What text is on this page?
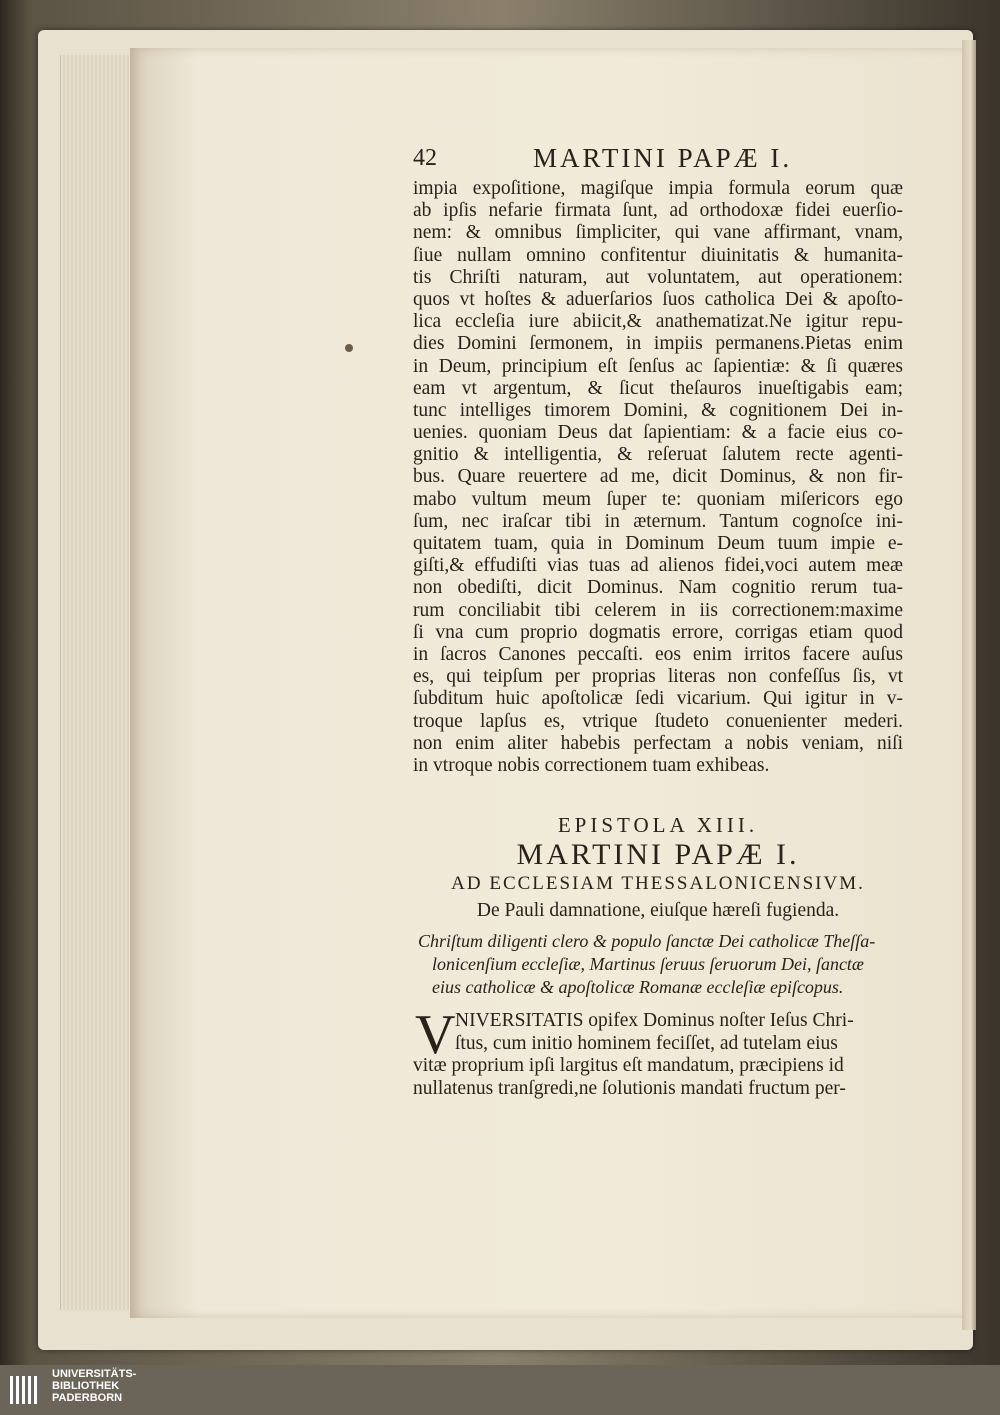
42	MARTINI PAPÆ I.
impia expoſitione, magiſque impia formula eorum quæ
ab ipſis nefarie firmata ſunt, ad orthodoxæ fidei euerſio-
nem: & omnibus ſimpliciter, qui vane affirmant, vnam,
ſiue nullam omnino confitentur diuinitatis & humanita-
tis Chriſti naturam, aut voluntatem, aut operationem:
quos vt hoſtes & aduerſarios ſuos catholica Dei & apoſto-
lica eccleſia iure abiicit,& anathematizat.Ne igitur repu-
dies Domini ſermonem, in impiis permanens.Pietas enim
in Deum, principium eſt ſenſus ac ſapientiæ: & ſi quæres
eam vt argentum, & ſicut theſauros inueſtigabis eam;
tunc intelliges timorem Domini, & cognitionem Dei in-
uenies. quoniam Deus dat ſapientiam: & a facie eius co-
gnitio & intelligentia, & reſeruat ſalutem recte agenti-
bus. Quare reuertere ad me, dicit Dominus, & non fir-
mabo vultum meum ſuper te: quoniam miſericors ego
ſum, nec iraſcar tibi in æternum. Tantum cognoſce ini-
quitatem tuam, quia in Dominum Deum tuum impie e-
giſti,& effudiſti vias tuas ad alienos fidei,voci autem meæ
non obediſti, dicit Dominus. Nam cognitio rerum tua-
rum conciliabit tibi celerem in iis correctionem:maxime
ſi vna cum proprio dogmatis errore, corrigas etiam quod
in ſacros Canones peccaſti. eos enim irritos facere auſus
es, qui teipſum per proprias literas non confeſſus ſis, vt
ſubditum huic apoſtolicæ ſedi vicarium. Qui igitur in v-
troque lapſus es, vtrique ſtudeto conuenienter mederi.
non enim aliter habebis perfectam a nobis veniam, niſi
in vtroque nobis correctionem tuam exhibeas.
EPISTOLA XIII.
MARTINI PAPÆ I.
AD ECCLESIAM THESSALONICENSIVM.
De Pauli damnatione, eiuſque hæreſi fugienda.
Chriſtum diligenti clero & populo ſanctæ Dei catholicæ Theſſa-
lonicenſium eccleſiæ, Martinus ſeruus ſeruorum Dei, ſanctæ
eius catholicæ & apoſtolicæ Romanæ eccleſiæ epiſcopus.
V NIVERSITATIS opifex Dominus noſter Ieſus Chri-
ſtus, cum initio hominem feciſſet, ad tutelam eius
vitæ proprium ipſi largitus eſt mandatum, præcipiens id
nullatenus tranſgredi,ne ſolutionis mandati fructum per-
UNIVERSITÄTS-
BIBLIOTHEK
PADERBORN
